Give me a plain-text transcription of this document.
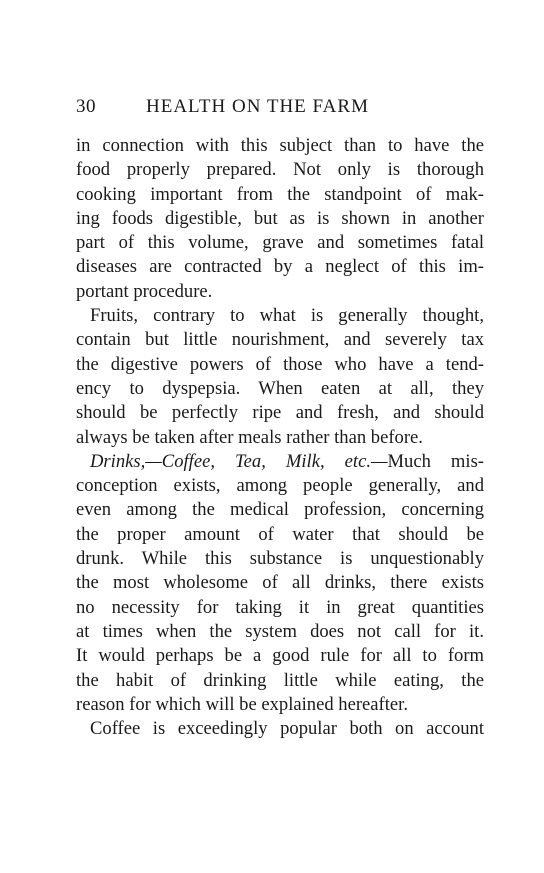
30	HEALTH ON THE FARM
in connection with this subject than to have the
food properly prepared. Not only is thorough
cooking important from the standpoint of mak-
ing foods digestible, but as is shown in another
part of this volume, grave and sometimes fatal
diseases are contracted by a neglect of this im-
portant procedure.
Fruits, contrary to what is generally thought,
contain but little nourishment, and severely tax
the digestive powers of those who have a tend-
ency to dyspepsia. When eaten at all, they
should be perfectly ripe and fresh, and should
always be taken after meals rather than before.
Drinks,—Coffee, Tea, Milk, etc.—Much mis-
conception exists, among people generally, and
even among the medical profession, concerning
the proper amount of water that should be
drunk. While this substance is unquestionably
the most wholesome of all drinks, there exists
no necessity for taking it in great quantities
at times when the system does not call for it.
It would perhaps be a good rule for all to form
the habit of drinking little while eating, the
reason for which will be explained hereafter.
Coffee is exceedingly popular both on account
